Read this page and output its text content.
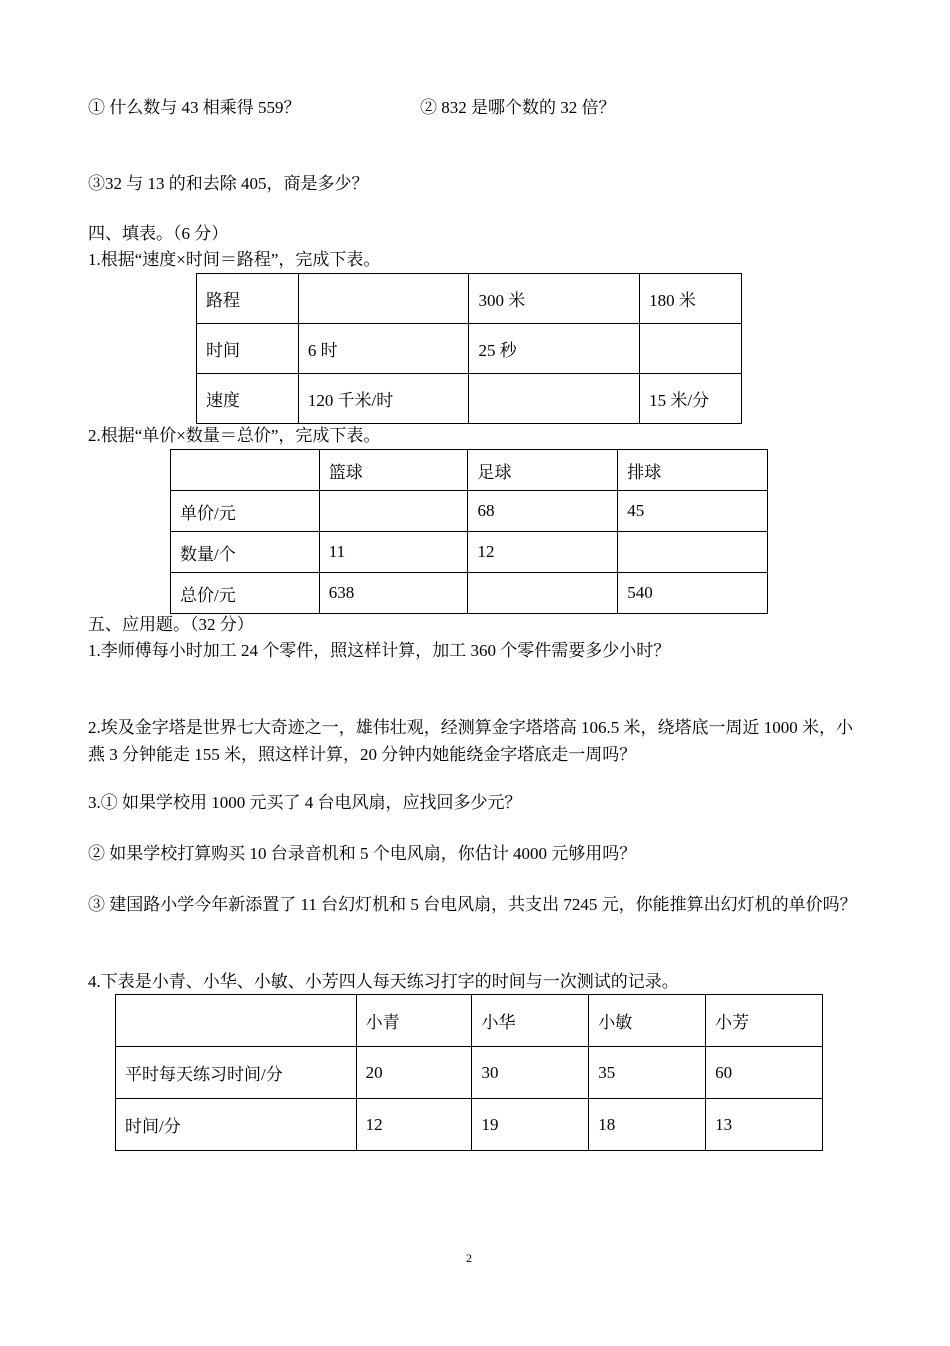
① 什么数与 43 相乘得 559？	② 832 是哪个数的 32 倍？
③32 与 13 的和去除 405，商是多少？
四、填表。（6 分）
1.根据“速度×时间＝路程”，完成下表。
路程		300 米	180 米
时间	6 时	25 秒	
速度	120 千米/时		15 米/分
2.根据“单价×数量＝总价”，完成下表。
	篮球	足球	排球
单价/元		68	45
数量/个	11	12	
总价/元	638		540
五、应用题。（32 分）
1.李师傅每小时加工 24 个零件，照这样计算，加工 360 个零件需要多少小时？
2.埃及金字塔是世界七大奇迹之一，雄伟壮观，经测算金字塔塔高 106.5 米，绕塔底一周近 1000 米，小燕 3 分钟能走 155 米，照这样计算，20 分钟内她能绕金字塔底走一周吗？
3.① 如果学校用 1000 元买了 4 台电风扇，应找回多少元？
② 如果学校打算购买 10 台录音机和 5 个电风扇，你估计 4000 元够用吗？
③ 建国路小学今年新添置了 11 台幻灯机和 5 台电风扇，共支出 7245 元，你能推算出幻灯机的单价吗？
4.下表是小青、小华、小敏、小芳四人每天练习打字的时间与一次测试的记录。
	小青	小华	小敏	小芳
平时每天练习时间/分	20	30	35	60
时间/分	12	19	18	13
2
